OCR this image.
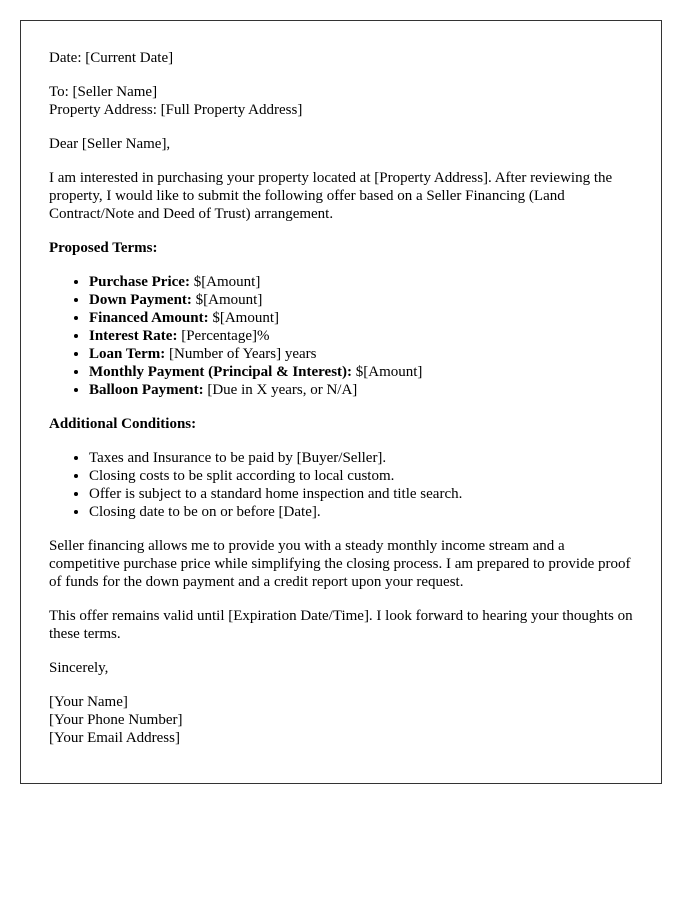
Date: [Current Date]

To: [Seller Name]
Property Address: [Full Property Address]

Dear [Seller Name],

I am interested in purchasing your property located at [Property Address]. After reviewing the property, I would like to submit the following offer based on a Seller Financing (Land Contract/Note and Deed of Trust) arrangement.

Proposed Terms:

• Purchase Price: $[Amount]
• Down Payment: $[Amount]
• Financed Amount: $[Amount]
• Interest Rate: [Percentage]%
• Loan Term: [Number of Years] years
• Monthly Payment (Principal & Interest): $[Amount]
• Balloon Payment: [Due in X years, or N/A]

Additional Conditions:

• Taxes and Insurance to be paid by [Buyer/Seller].
• Closing costs to be split according to local custom.
• Offer is subject to a standard home inspection and title search.
• Closing date to be on or before [Date].

Seller financing allows me to provide you with a steady monthly income stream and a competitive purchase price while simplifying the closing process. I am prepared to provide proof of funds for the down payment and a credit report upon your request.

This offer remains valid until [Expiration Date/Time]. I look forward to hearing your thoughts on these terms.

Sincerely,

[Your Name]
[Your Phone Number]
[Your Email Address]
